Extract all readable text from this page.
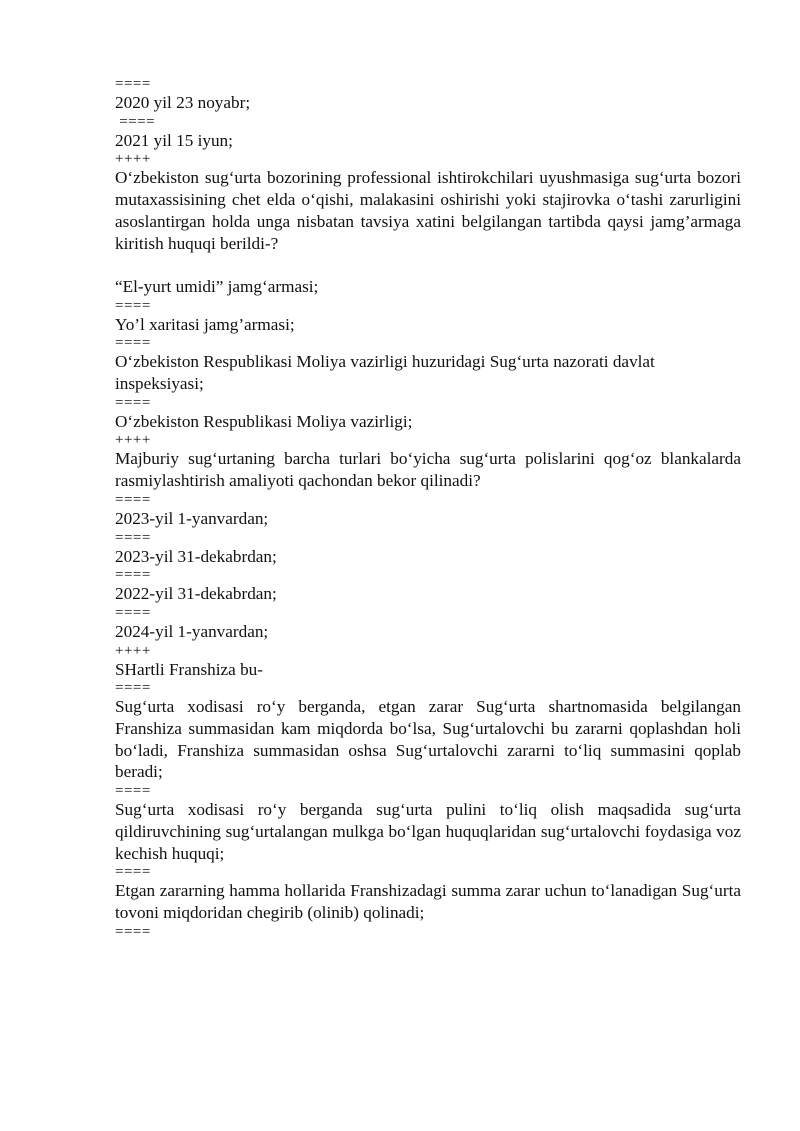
====
2020 yil 23 noyabr;
====
2021 yil 15 iyun;
++++
O‘zbekiston sug‘urta bozorining professional ishtirokchilari uyushmasiga sug‘urta bozori mutaxassisining chet elda o‘qishi, malakasini oshirishi yoki stajirovka o‘tashi zarurligini asoslantirgan holda unga nisbatan tavsiya xatini belgilangan tartibda qaysi jamg’armaga kiritish huquqi berildi-?
“El-yurt umidi” jamg‘armasi;
====
Yo’l xaritasi jamg’armasi;
====
O‘zbekiston Respublikasi Moliya vazirligi huzuridagi Sug‘urta nazorati davlat inspeksiyasi;
====
O‘zbekiston Respublikasi Moliya vazirligi;
++++
Majburiy sug‘urtaning barcha turlari bo‘yicha sug‘urta polislarini qog‘oz blankalarda rasmiylashtirish amaliyoti qachondan bekor qilinadi?
====
2023-yil 1-yanvardan;
====
2023-yil 31-dekabrdan;
====
2022-yil 31-dekabrdan;
====
2024-yil 1-yanvardan;
++++
SHartli Franshiza bu-
====
Sug‘urta xodisasi ro‘y berganda, etgan zarar Sug‘urta shartnomasida belgilangan Franshiza summasidan kam miqdorda bo‘lsa, Sug‘urtalovchi bu zararni qoplashdan holi bo‘ladi, Franshiza summasidan oshsa Sug‘urtalovchi zararni to‘liq summasini qoplab beradi;
====
Sug‘urta xodisasi ro‘y berganda sug‘urta pulini to‘liq olish maqsadida sug‘urta qildiruvchining sug‘urtalangan mulkga bo‘lgan huquqlaridan sug‘urtalovchi foydasiga voz kechish huquqi;
====
Etgan zararning hamma hollarida Franshizadagi summa zarar uchun to‘lanadigan Sug‘urta tovoni miqdoridan chegirib (olinib) qolinadi;
====
